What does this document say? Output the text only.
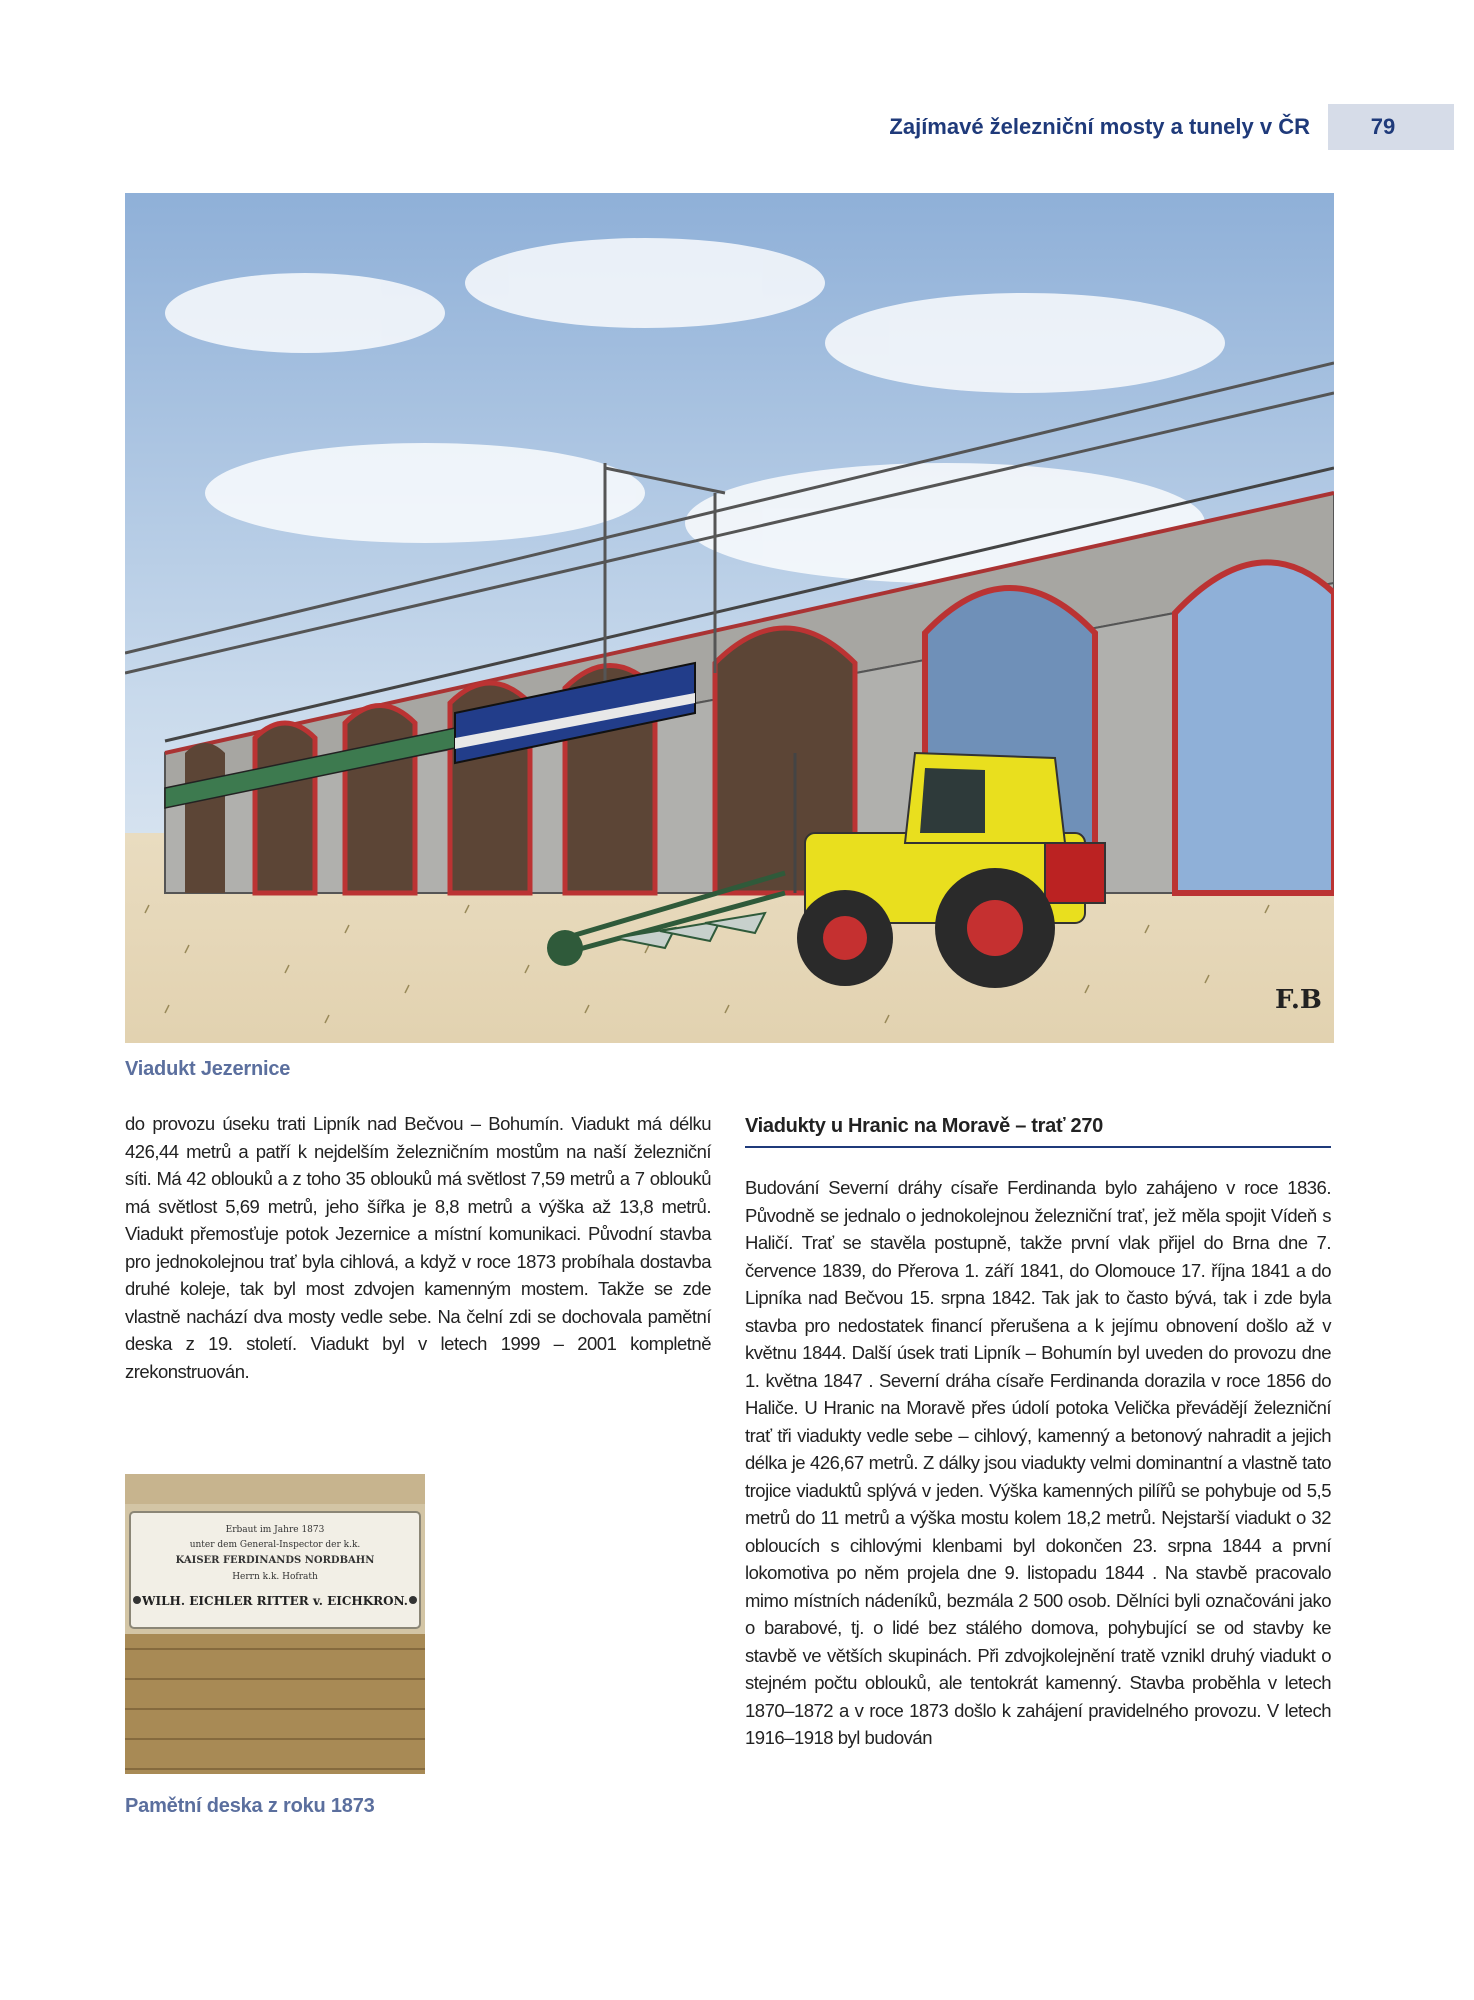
Zajímavé železniční mosty a tunely v ČR	79
F.B
Viadukt Jezernice

do provozu úseku trati Lipník nad Bečvou – Bohumín. Viadukt má délku 426,44 metrů a patří k nejdelším železničním mostům na naší železniční síti. Má 42 oblouků a z toho 35 oblouků má světlost 7,59 metrů a 7 oblouků má světlost 5,69 metrů, jeho šířka je 8,8 metrů a výška až 13,8 metrů. Viadukt přemosťuje potok Jezernice a místní komunikaci. Původní stavba pro jednokolejnou trať byla cihlová, a když v roce 1873 probíhala dostavba druhé koleje, tak byl most zdvojen kamenným mostem. Takže se zde vlastně nachází dva mosty vedle sebe. Na čelní zdi se dochovala pamětní deska z 19. století. Viadukt byl v letech 1999 – 2001 kompletně zrekonstruován.

Erbaut im Jahre 1873
unter dem General-Inspector der k.k.
KAISER FERDINANDS NORDBAHN
Herrn k.k. Hofrath
WILH. EICHLER RITTER v. EICHKRON.
Pamětní deska z roku 1873
Viadukty u Hranic na Moravě – trať 270

Budování Severní dráhy císaře Ferdinanda bylo zahájeno v roce 1836. Původně se jednalo o jednokolejnou železniční trať, jež měla spojit Vídeň s Haličí. Trať se stavěla postupně, takže první vlak přijel do Brna dne 7. července 1839, do Přerova 1. září 1841, do Olomouce 17. října 1841 a do Lipníka nad Bečvou 15. srpna 1842. Tak jak to často bývá, tak i zde byla stavba pro nedostatek financí přerušena a k jejímu obnovení došlo až v květnu 1844. Další úsek trati Lipník – Bohumín byl uveden do provozu dne 1. května 1847 . Severní dráha císaře Ferdinanda dorazila v roce 1856 do Haliče. U Hranic na Moravě přes údolí potoka Velička převádějí železniční trať tři viadukty vedle sebe – cihlový, kamenný a betonový nahradit a jejich délka je 426,67 metrů. Z dálky jsou viadukty velmi dominantní a vlastně tato trojice viaduktů splývá v jeden. Výška kamenných pilířů se pohybuje od 5,5 metrů do 11 metrů a výška mostu kolem 18,2 metrů. Nejstarší viadukt o 32 obloucích s cihlovými klenbami byl dokončen 23. srpna 1844 a první lokomotiva po něm projela dne 9. listopadu 1844 . Na stavbě pracovalo mimo místních nádeníků, bezmála 2 500 osob. Dělníci byli označováni jako o barabové, tj. o lidé bez stálého domova, pohybující se od stavby ke stavbě ve větších skupinách. Při zdvojkolejnění tratě vznikl druhý viadukt o stejném počtu oblouků, ale tentokrát kamenný. Stavba proběhla v letech 1870–1872 a v roce 1873 došlo k zahájení pravidelného provozu. V letech 1916–1918 byl budován
